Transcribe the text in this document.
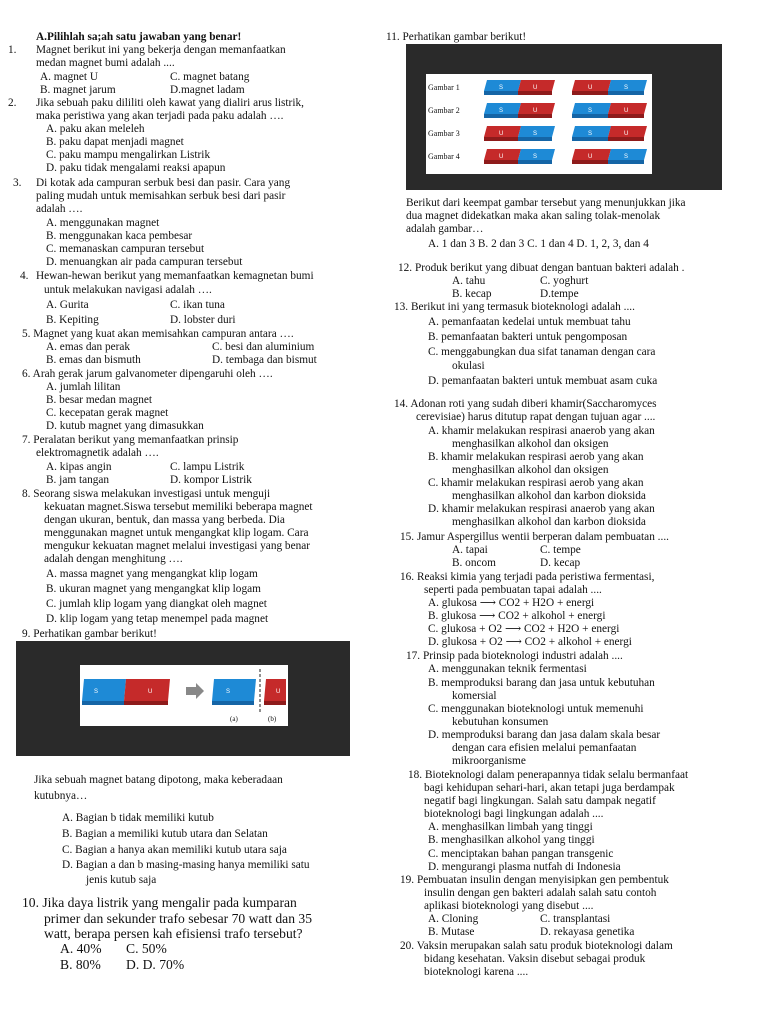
A.Pilihlah sa;ah satu jawaban yang benar!
1. Magnet berikut ini yang bekerja dengan memanfaatkan
medan magnet bumi adalah ....
A. magnet U	C. magnet batang
B. magnet jarum	D.magnet ladam
2. Jika sebuah paku dililiti oleh kawat yang dialiri arus listrik,
maka peristiwa yang akan terjadi pada paku adalah ….
A. paku akan meleleh
B. paku dapat menjadi magnet
C. paku mampu mengalirkan Listrik
D. paku tidak mengalami reaksi apapun
3. Di kotak ada campuran serbuk besi dan pasir. Cara yang
paling mudah untuk memisahkan serbuk besi dari pasir
adalah ….
A. menggunakan magnet
B. menggunakan kaca pembesar
C. memanaskan campuran tersebut
D. menuangkan air pada campuran tersebut
4. Hewan-hewan berikut yang memanfaatkan kemagnetan bumi
untuk melakukan navigasi adalah ….
A. Gurita	C. ikan tuna
B. Kepiting	D. lobster duri
5. Magnet yang kuat akan memisahkan campuran antara ….
A. emas dan perak	C. besi dan aluminium
B. emas dan bismuth	D. tembaga dan bismut
6. Arah gerak jarum galvanometer dipengaruhi oleh ….
A. jumlah lilitan
B. besar medan magnet
C. kecepatan gerak magnet
D. kutub magnet yang dimasukkan
7. Peralatan berikut yang memanfaatkan prinsip
elektromagnetik adalah ….
A. kipas angin	C. lampu Listrik
B. jam tangan	D. kompor Listrik
8. Seorang siswa melakukan investigasi untuk menguji
kekuatan magnet.Siswa tersebut memiliki beberapa magnet
dengan ukuran, bentuk, dan massa yang berbeda. Dia
menggunakan magnet untuk mengangkat klip logam. Cara
mengukur kekuatan magnet melalui investigasi yang benar
adalah dengan menghitung ….
A. massa magnet yang mengangkat klip logam
B. ukuran magnet yang mengangkat klip logam
C. jumlah klip logam yang diangkat oleh magnet
D. klip logam yang tetap menempel pada magnet
9. Perhatikan gambar berikut!
S	U	S	U
(a)	(b)
Jika sebuah magnet batang dipotong, maka keberadaan
kutubnya…
A. Bagian b tidak memiliki kutub
B. Bagian a memiliki kutub utara dan Selatan
C. Bagian a hanya akan memiliki kutub utara saja
D. Bagian a dan b masing-masing hanya memiliki satu
jenis kutub saja
10. Jika daya listrik yang mengalir pada kumparan
primer dan sekunder trafo sebesar 70 watt dan 35
watt, berapa persen kah efisiensi trafo tersebut?
A. 40% C. 50%
B. 80% D. D. 70%
11. Perhatikan gambar berikut!
Gambar 1	S	U	U	S
Gambar 2	S	U	S	U
Gambar 3	U	S	S	U
Gambar 4	U	S	U	S
Berikut dari keempat gambar tersebut yang menunjukkan jika
dua magnet didekatkan maka akan saling tolak-menolak
adalah gambar…
A. 1 dan 3 B. 2 dan 3 C. 1 dan 4 D. 1, 2, 3, dan 4
12. Produk berikut yang dibuat dengan bantuan bakteri adalah .
A. tahu	C. yoghurt
B. kecap	D.tempe
13. Berikut ini yang termasuk bioteknologi adalah ....
A. pemanfaatan kedelai untuk membuat tahu
B. pemanfaatan bakteri untuk pengomposan
C. menggabungkan dua sifat tanaman dengan cara
okulasi
D. pemanfaatan bakteri untuk membuat asam cuka
14. Adonan roti yang sudah diberi khamir(Saccharomyces
cerevisiae) harus ditutup rapat dengan tujuan agar ....
A. khamir melakukan respirasi anaerob yang akan
menghasilkan alkohol dan oksigen
B. khamir melakukan respirasi aerob yang akan
menghasilkan alkohol dan oksigen
C. khamir melakukan respirasi aerob yang akan
menghasilkan alkohol dan karbon dioksida
D. khamir melakukan respirasi anaerob yang akan
menghasilkan alkohol dan karbon dioksida
15. Jamur Aspergillus wentii berperan dalam pembuatan ....
A. tapai	C. tempe
B. oncom	D. kecap
16. Reaksi kimia yang terjadi pada peristiwa fermentasi,
seperti pada pembuatan tapai adalah ....
A. glukosa ⟶ CO2 + H2O + energi
B. glukosa ⟶ CO2 + alkohol + energi
C. glukosa + O2 ⟶ CO2 + H2O + energi
D. glukosa + O2 ⟶ CO2 + alkohol + energi
17. Prinsip pada bioteknologi industri adalah ....
A. menggunakan teknik fermentasi
B. memproduksi barang dan jasa untuk kebutuhan
komersial
C. menggunakan bioteknologi untuk memenuhi
kebutuhan konsumen
D. memproduksi barang dan jasa dalam skala besar
dengan cara efisien melalui pemanfaatan
mikroorganisme
18. Bioteknologi dalam penerapannya tidak selalu bermanfaat
bagi kehidupan sehari-hari, akan tetapi juga berdampak
negatif bagi lingkungan. Salah satu dampak negatif
bioteknologi bagi lingkungan adalah ....
A. menghasilkan limbah yang tinggi
B. menghasilkan alkohol yang tinggi
C. menciptakan bahan pangan transgenic
D. mengurangi plasma nutfah di Indonesia
19. Pembuatan insulin dengan menyisipkan gen pembentuk
insulin dengan gen bakteri adalah salah satu contoh
aplikasi bioteknologi yang disebut ....
A. Cloning	C. transplantasi
B. Mutase	D. rekayasa genetika
20. Vaksin merupakan salah satu produk bioteknologi dalam
bidang kesehatan. Vaksin disebut sebagai produk
bioteknologi karena ....
